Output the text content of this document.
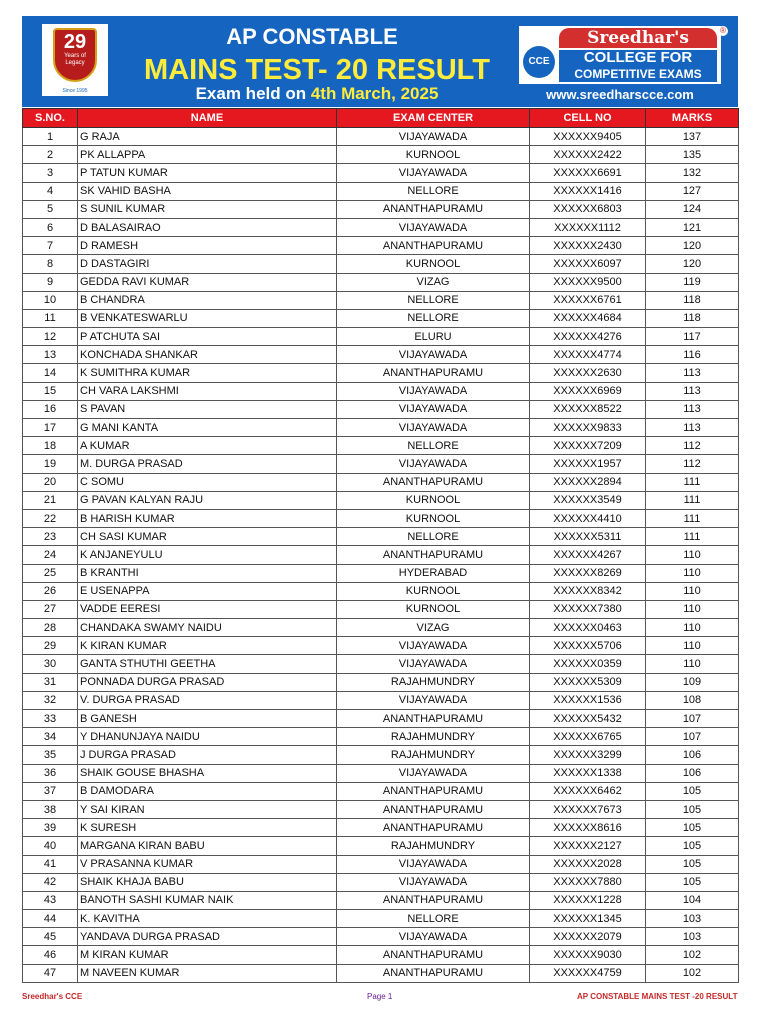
29
Years of Legacy
Since 1995
AP CONSTABLE
MAINS TEST- 20 RESULT
Exam held on 4th March, 2025
Sreedhar's
CCE	COLLEGE FOR
COMPETITIVE EXAMS
®
www.sreedharscce.com
S.NO.	NAME	EXAM CENTER	CELL NO	MARKS
1	G RAJA	VIJAYAWADA	XXXXXX9405	137
2	PK ALLAPPA	KURNOOL	XXXXXX2422	135
3	P TATUN KUMAR	VIJAYAWADA	XXXXXX6691	132
4	SK VAHID BASHA	NELLORE	XXXXXX1416	127
5	S SUNIL KUMAR	ANANTHAPURAMU	XXXXXX6803	124
6	D BALASAIRAO	VIJAYAWADA	XXXXXX1112	121
7	D RAMESH	ANANTHAPURAMU	XXXXXX2430	120
8	D DASTAGIRI	KURNOOL	XXXXXX6097	120
9	GEDDA RAVI KUMAR	VIZAG	XXXXXX9500	119
10	B CHANDRA	NELLORE	XXXXXX6761	118
11	B VENKATESWARLU	NELLORE	XXXXXX4684	118
12	P ATCHUTA SAI	ELURU	XXXXXX4276	117
13	KONCHADA SHANKAR	VIJAYAWADA	XXXXXX4774	116
14	K SUMITHRA KUMAR	ANANTHAPURAMU	XXXXXX2630	113
15	CH VARA LAKSHMI	VIJAYAWADA	XXXXXX6969	113
16	S PAVAN	VIJAYAWADA	XXXXXX8522	113
17	G MANI KANTA	VIJAYAWADA	XXXXXX9833	113
18	A KUMAR	NELLORE	XXXXXX7209	112
19	M. DURGA PRASAD	VIJAYAWADA	XXXXXX1957	112
20	C SOMU	ANANTHAPURAMU	XXXXXX2894	111
21	G PAVAN KALYAN RAJU	KURNOOL	XXXXXX3549	111
22	B HARISH KUMAR	KURNOOL	XXXXXX4410	111
23	CH SASI KUMAR	NELLORE	XXXXXX5311	111
24	K ANJANEYULU	ANANTHAPURAMU	XXXXXX4267	110
25	B KRANTHI	HYDERABAD	XXXXXX8269	110
26	E USENAPPA	KURNOOL	XXXXXX8342	110
27	VADDE EERESI	KURNOOL	XXXXXX7380	110
28	CHANDAKA SWAMY NAIDU	VIZAG	XXXXXX0463	110
29	K KIRAN KUMAR	VIJAYAWADA	XXXXXX5706	110
30	GANTA STHUTHI GEETHA	VIJAYAWADA	XXXXXX0359	110
31	PONNADA DURGA PRASAD	RAJAHMUNDRY	XXXXXX5309	109
32	V. DURGA PRASAD	VIJAYAWADA	XXXXXX1536	108
33	B GANESH	ANANTHAPURAMU	XXXXXX5432	107
34	Y DHANUNJAYA NAIDU	RAJAHMUNDRY	XXXXXX6765	107
35	J DURGA PRASAD	RAJAHMUNDRY	XXXXXX3299	106
36	SHAIK GOUSE BHASHA	VIJAYAWADA	XXXXXX1338	106
37	B DAMODARA	ANANTHAPURAMU	XXXXXX6462	105
38	Y SAI KIRAN	ANANTHAPURAMU	XXXXXX7673	105
39	K SURESH	ANANTHAPURAMU	XXXXXX8616	105
40	MARGANA KIRAN BABU	RAJAHMUNDRY	XXXXXX2127	105
41	V PRASANNA KUMAR	VIJAYAWADA	XXXXXX2028	105
42	SHAIK KHAJA BABU	VIJAYAWADA	XXXXXX7880	105
43	BANOTH SASHI KUMAR NAIK	ANANTHAPURAMU	XXXXXX1228	104
44	K. KAVITHA	NELLORE	XXXXXX1345	103
45	YANDAVA DURGA PRASAD	VIJAYAWADA	XXXXXX2079	103
46	M KIRAN KUMAR	ANANTHAPURAMU	XXXXXX9030	102
47	M NAVEEN KUMAR	ANANTHAPURAMU	XXXXXX4759	102
Sreedhar's CCE	Page 1	AP CONSTABLE MAINS TEST -20 RESULT
